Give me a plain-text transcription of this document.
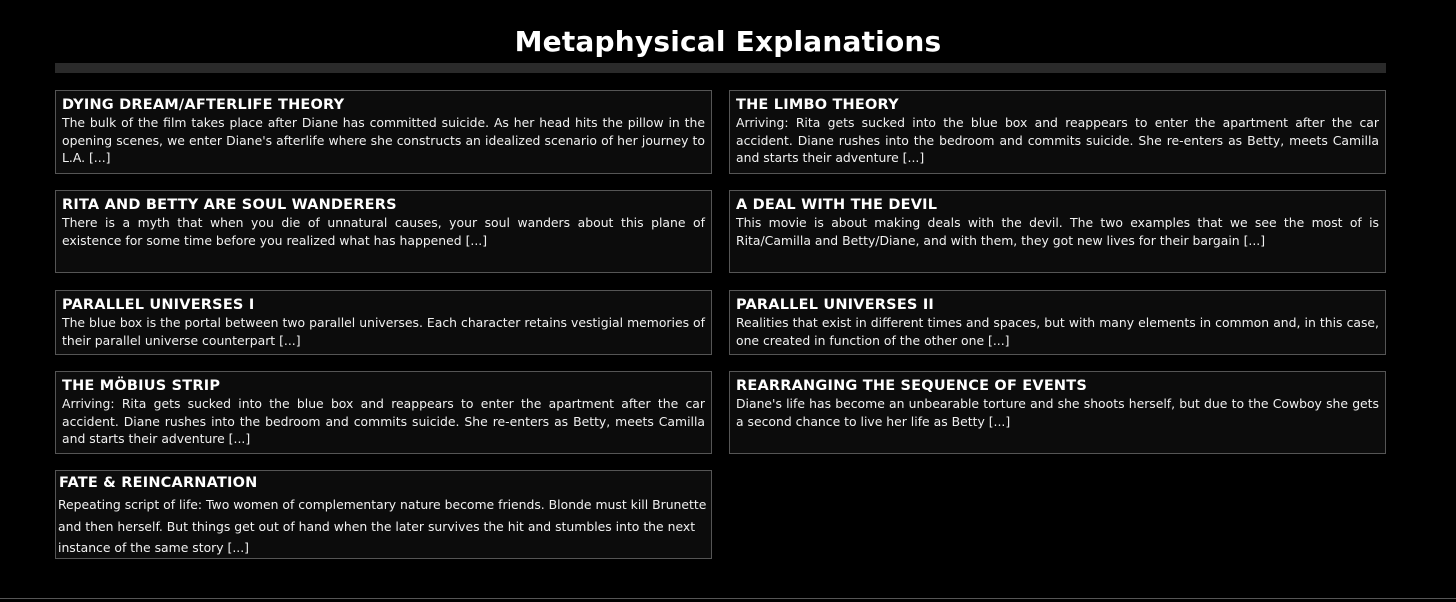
Metaphysical Explanations
DYING DREAM/AFTERLIFE THEORY

The bulk of the film takes place after Diane has committed suicide. As her head hits the pillow in the opening scenes, we enter Diane's afterlife where she constructs an idealized scenario of her journey to L.A. [...]

THE LIMBO THEORY

Arriving: Rita gets sucked into the blue box and reappears to enter the apartment after the car accident. Diane rushes into the bedroom and commits suicide. She re-enters as Betty, meets Camilla and starts their adventure [...]

RITA AND BETTY ARE SOUL WANDERERS

There is a myth that when you die of unnatural causes, your soul wanders about this plane of existence for some time before you realized what has happened [...]

A DEAL WITH THE DEVIL

This movie is about making deals with the devil. The two examples that we see the most of is Rita/Camilla and Betty/Diane, and with them, they got new lives for their bargain [...]

PARALLEL UNIVERSES I

The blue box is the portal between two parallel universes. Each character retains vestigial memories of their parallel universe counterpart [...]

PARALLEL UNIVERSES II

Realities that exist in different times and spaces, but with many elements in common and, in this case, one created in function of the other one [...]

THE MÖBIUS STRIP

Arriving: Rita gets sucked into the blue box and reappears to enter the apartment after the car accident. Diane rushes into the bedroom and commits suicide. She re-enters as Betty, meets Camilla and starts their adventure [...]

REARRANGING THE SEQUENCE OF EVENTS

Diane's life has become an unbearable torture and she shoots herself, but due to the Cowboy she gets a second chance to live her life as Betty [...]

FATE & REINCARNATION

Repeating script of life: Two women of complementary nature become friends. Blonde must kill Brunette and then herself. But things get out of hand when the later survives the hit and stumbles into the next instance of the same story [...]
